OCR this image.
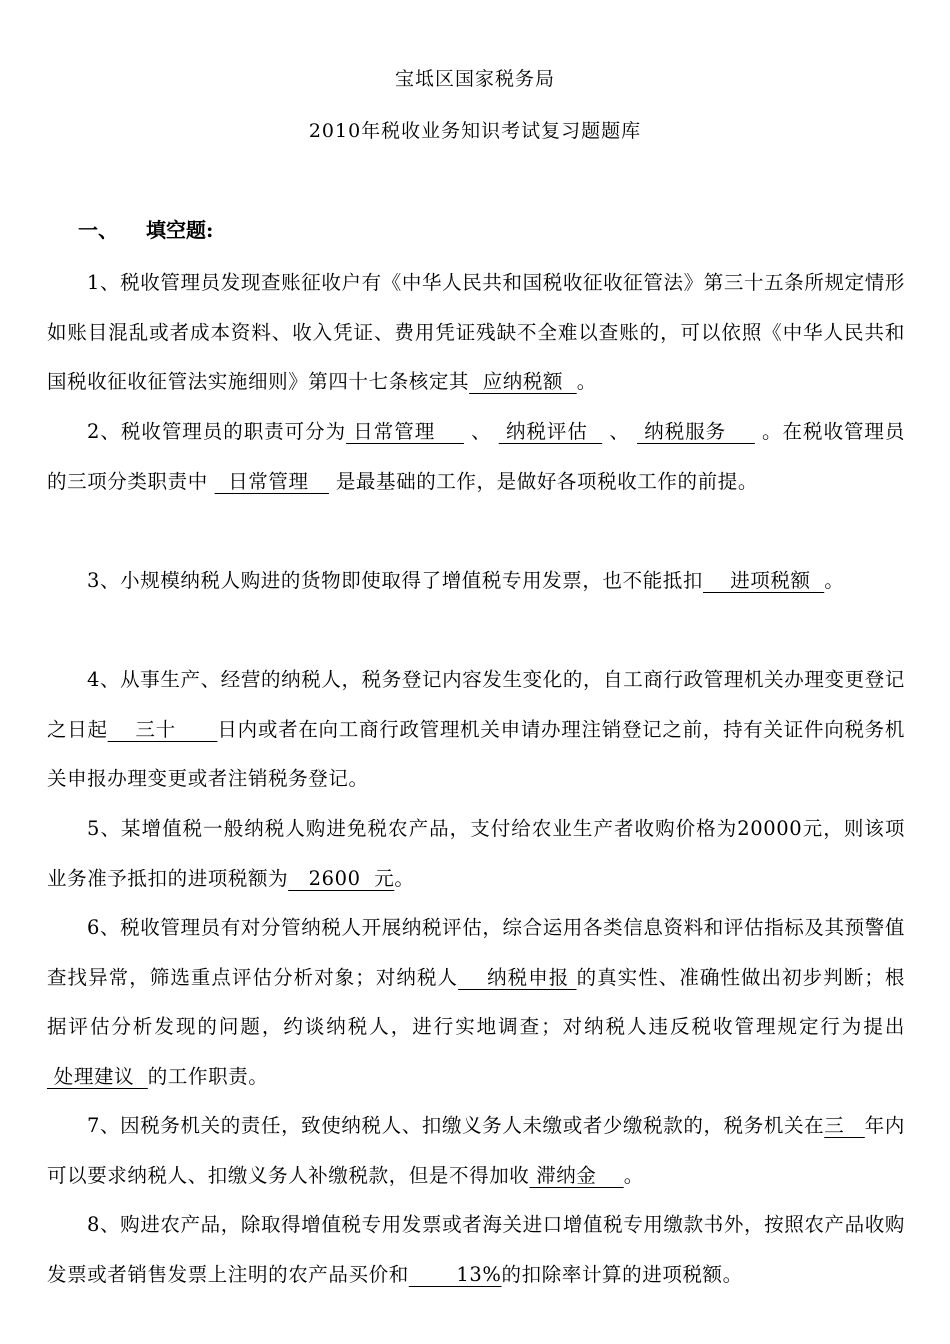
宝坻区国家税务局
2010年税收业务知识考试复习题题库
一、 填空题:
1、税收管理员发现查账征收户有《中华人民共和国税收征收征管法》第三十五条所规定情形如账目混乱或者成本资料、收入凭证、费用凭证残缺不全难以查账的，可以依照《中华人民共和国税收征收征管法实施细则》第四十七条核定其  应纳税额  。
2、税收管理员的职责可分为 日常管理     、  纳税评估   、  纳税服务     。在税收管理员的三项分类职责中   日常管理    是最基础的工作，是做好各项税收工作的前提。
3、小规模纳税人购进的货物即使取得了增值税专用发票，也不能抵扣    进项税额  。
4、从事生产、经营的纳税人，税务登记内容发生变化的，自工商行政管理机关办理变更登记之日起    三十      日内或者在向工商行政管理机关申请办理注销登记之前，持有关证件向税务机关申报办理变更或者注销税务登记。
5、某增值税一般纳税人购进免税农产品，支付给农业生产者收购价格为20000元，则该项业务准予抵扣的进项税额为   2600  元。
6、税收管理员有对分管纳税人开展纳税评估，综合运用各类信息资料和评估指标及其预警值查找异常，筛选重点评估分析对象；对纳税人    纳税申报 的真实性、准确性做出初步判断；根据评估分析发现的问题，约谈纳税人，进行实地调查；对纳税人违反税收管理规定行为提出 处理建议  的工作职责。
7、因税务机关的责任，致使纳税人、扣缴义务人未缴或者少缴税款的，税务机关在三   年内可以要求纳税人、扣缴义务人补缴税款，但是不得加收 滞纳金    。
8、购进农产品，除取得增值税专用发票或者海关进口增值税专用缴款书外，按照农产品收购发票或者销售发票上注明的农产品买价和       13%的扣除率计算的进项税额。
